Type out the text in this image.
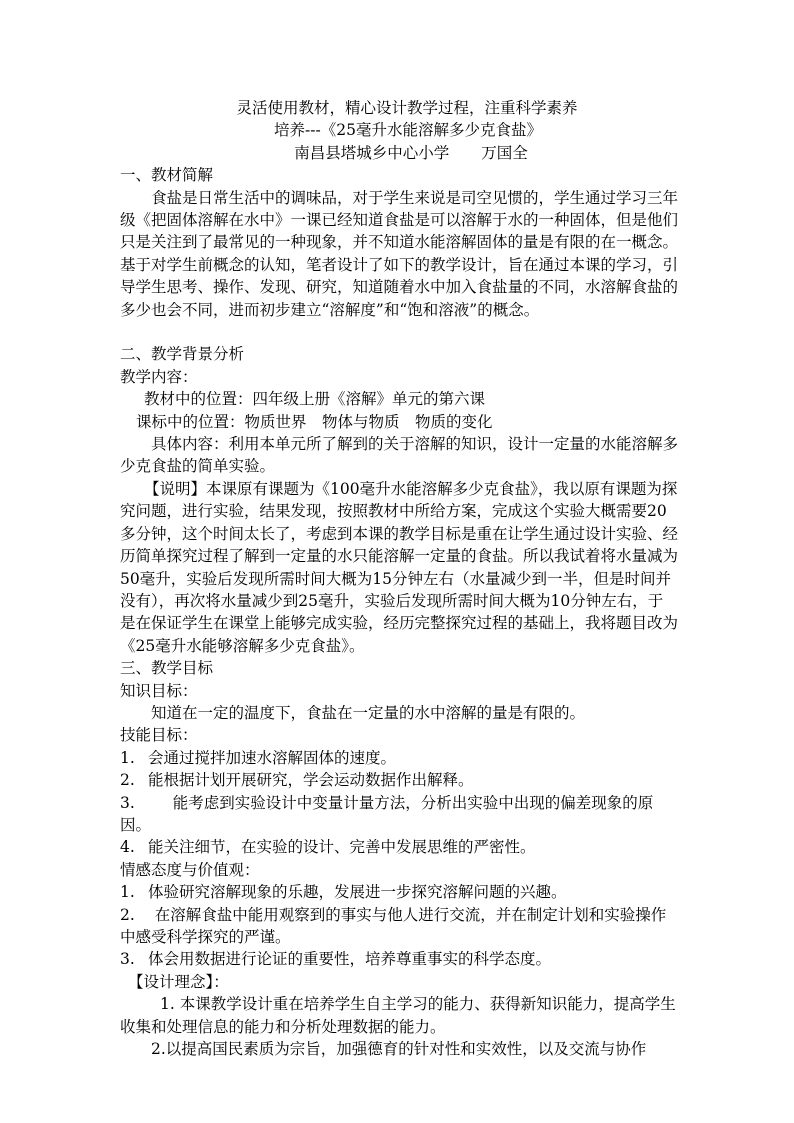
灵活使用教材，精心设计教学过程，注重科学素养

培养---《25毫升水能溶解多少克食盐》

南昌县塔城乡中心小学 万国全

一、教材简解

食盐是日常生活中的调味品，对于学生来说是司空见惯的，学生通过学习三年级《把固体溶解在水中》一课已经知道食盐是可以溶解于水的一种固体，但是他们只是关注到了最常见的一种现象，并不知道水能溶解固体的量是有限的在一概念。基于对学生前概念的认知，笔者设计了如下的教学设计，旨在通过本课的学习，引导学生思考、操作、发现、研究，知道随着水中加入食盐量的不同，水溶解食盐的多少也会不同，进而初步建立“溶解度”和“饱和溶液”的概念。

二、教学背景分析

教学内容：

教材中的位置：四年级上册《溶解》单元的第六课

课标中的位置：物质世界　物体与物质　物质的变化

具体内容：利用本单元所了解到的关于溶解的知识，设计一定量的水能溶解多少克食盐的简单实验。

【说明】本课原有课题为《100毫升水能溶解多少克食盐》，我以原有课题为探究问题，进行实验，结果发现，按照教材中所给方案，完成这个实验大概需要20多分钟，这个时间太长了，考虑到本课的教学目标是重在让学生通过设计实验、经历简单探究过程了解到一定量的水只能溶解一定量的食盐。所以我试着将水量减为50毫升，实验后发现所需时间大概为15分钟左右（水量减少到一半，但是时间并没有），再次将水量减少到25毫升，实验后发现所需时间大概为10分钟左右，于是在保证学生在课堂上能够完成实验，经历完整探究过程的基础上，我将题目改为《25毫升水能够溶解多少克食盐》。

三、教学目标

知识目标：

知道在一定的温度下，食盐在一定量的水中溶解的量是有限的。

技能目标：

1. 会通过搅拌加速水溶解固体的速度。
2. 能根据计划开展研究，学会运动数据作出解释。

3. 能考虑到实验设计中变量计量方法，分析出实验中出现的偏差现象的原因。

4. 能关注细节，在实验的设计、完善中发展思维的严密性。

情感态度与价值观：

1. 体验研究溶解现象的乐趣，发展进一步探究溶解问题的兴趣。

2. 在溶解食盐中能用观察到的事实与他人进行交流，并在制定计划和实验操作中感受科学探究的严谨。

3. 体会用数据进行论证的重要性，培养尊重事实的科学态度。

【设计理念】：

1. 本课教学设计重在培养学生自主学习的能力、获得新知识能力，提高学生收集和处理信息的能力和分析处理数据的能力。

2.以提高国民素质为宗旨，加强德育的针对性和实效性，以及交流与协作
